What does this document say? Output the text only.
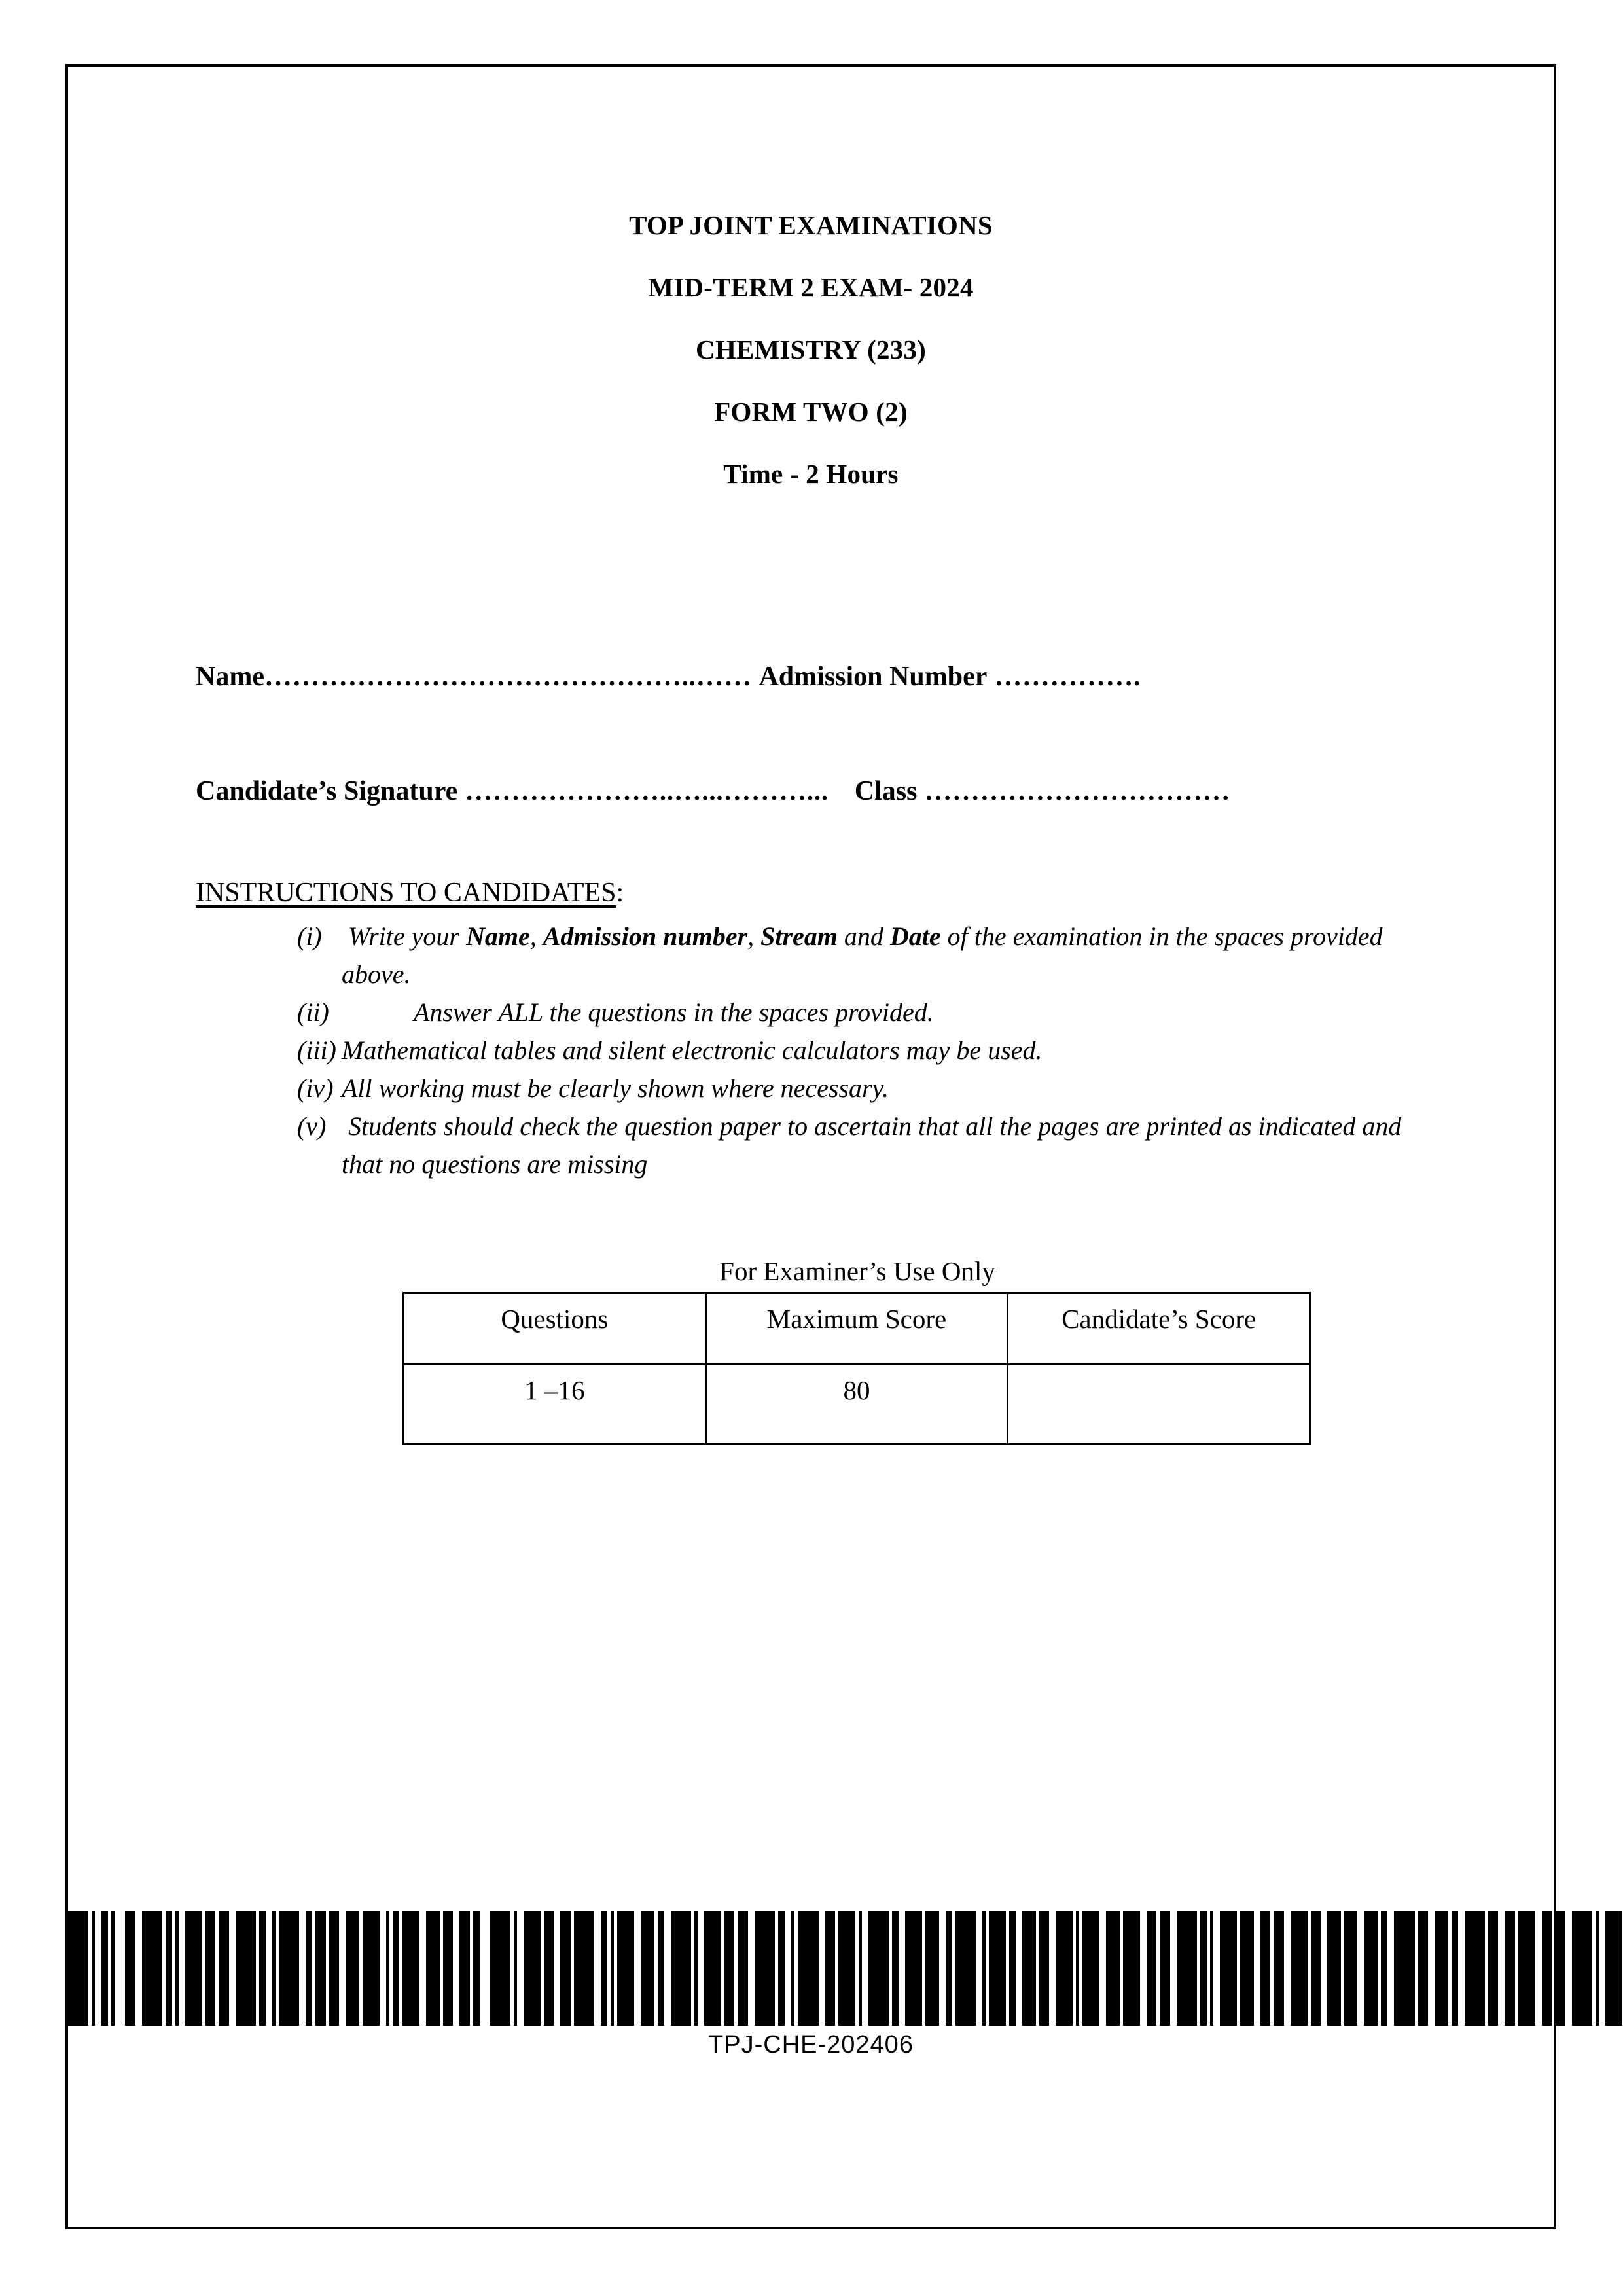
TOP JOINT EXAMINATIONS
MID-TERM 2 EXAM- 2024
CHEMISTRY (233)
FORM TWO (2)
Time - 2 Hours
Name………………………………………..…… Admission Number …………….
Candidate’s Signature …………………..…...………... Class ……………………………
INSTRUCTIONS TO CANDIDATES:
(i)	Write your Name, Admission number, Stream and Date of the examination in the spaces provided above.
(ii)	Answer ALL the questions in the spaces provided.
(iii) Mathematical tables and silent electronic calculators may be used.
(iv) All working must be clearly shown where necessary.
(v) Students should check the question paper to ascertain that all the pages are printed as indicated and that no questions are missing
For Examiner’s Use Only
Questions	Maximum Score	Candidate’s Score
1 –16	80	
TPJ-CHE-202406
